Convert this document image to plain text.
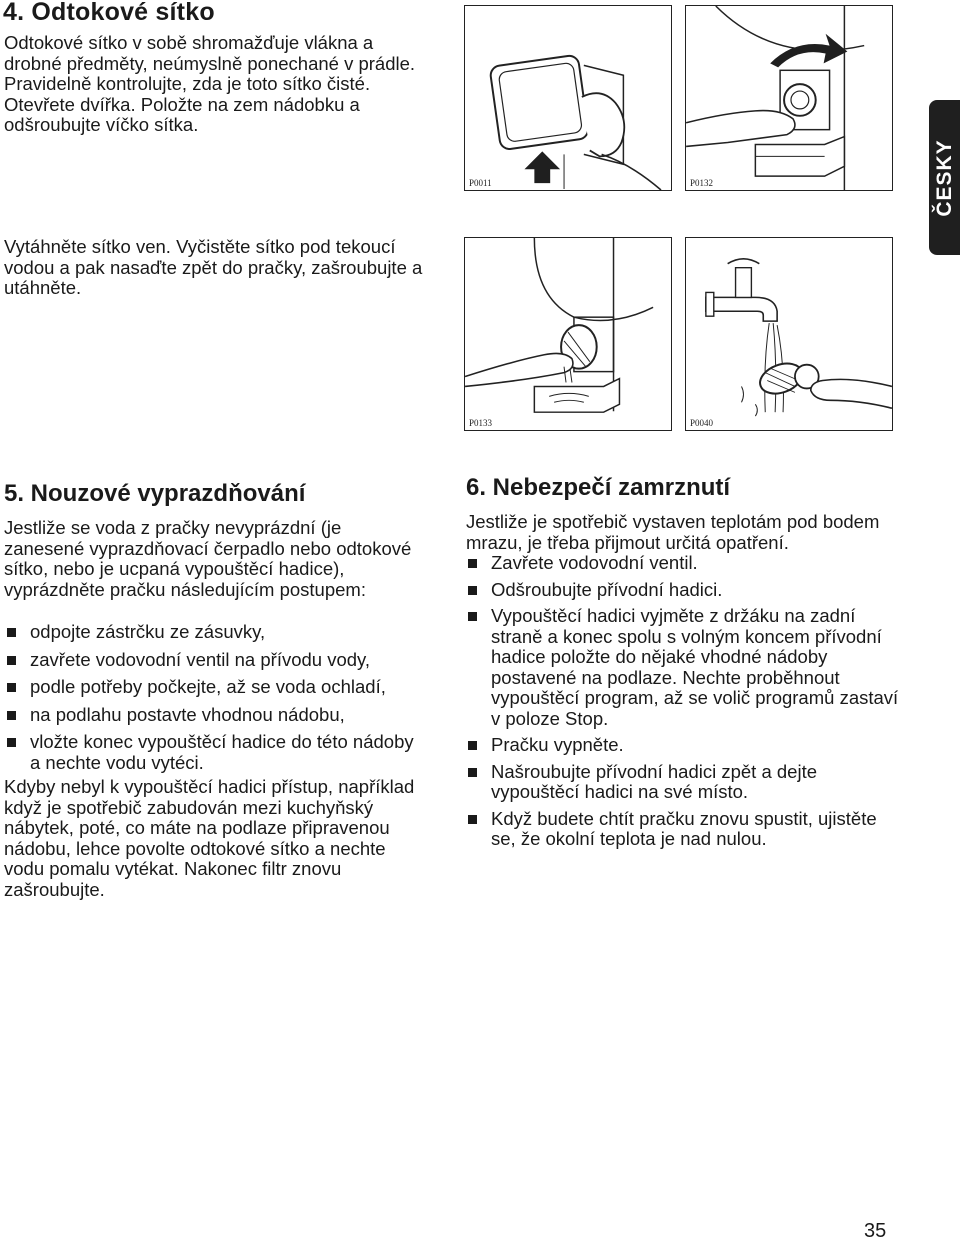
4. Odtokové sítko

Odtokové sítko v sobě shromažďuje vlákna a drobné předměty, neúmyslně ponechané v prádle. Pravidelně kontrolujte, zda je toto sítko čisté. Otevřete dvířka. Položte na zem nádobku a odšroubujte víčko sítka.

Vytáhněte sítko ven. Vyčistěte sítko pod tekoucí vodou a pak nasaďte zpět do pračky, zašroubujte a utáhněte.

P0011	P0132
P0133	P0040
ČESKY
5. Nouzové vyprazdňování

Jestliže se voda z pračky nevyprázdní (je zanesené vyprazdňovací čerpadlo nebo odtokové sítko, nebo je ucpaná vypouštěcí hadice), vyprázdněte pračku následujícím postupem:

odpojte zástrčku ze zásuvky,
zavřete vodovodní ventil na přívodu vody,
podle potřeby počkejte, až se voda ochladí,
na podlahu postavte vhodnou nádobu,
vložte konec vypouštěcí hadice do této nádoby a nechte vodu vytéci.

Kdyby nebyl k vypouštěcí hadici přístup, například když je spotřebič zabudován mezi kuchyňský nábytek, poté, co máte na podlaze připravenou nádobu, lehce povolte odtokové sítko a nechte vodu pomalu vytékat. Nakonec filtr znovu zašroubujte.

6. Nebezpečí zamrznutí

Jestliže je spotřebič vystaven teplotám pod bodem mrazu, je třeba přijmout určitá opatření.

Zavřete vodovodní ventil.
Odšroubujte přívodní hadici.
Vypouštěcí hadici vyjměte z držáku na zadní straně a konec spolu s volným koncem přívodní hadice položte do nějaké vhodné nádoby postavené na podlaze. Nechte proběhnout vypouštěcí program, až se volič programů zastaví v poloze Stop.
Pračku vypněte.
Našroubujte přívodní hadici zpět a dejte vypouštěcí hadici na své místo.
Když budete chtít pračku znovu spustit, ujistěte se, že okolní teplota je nad nulou.
35
